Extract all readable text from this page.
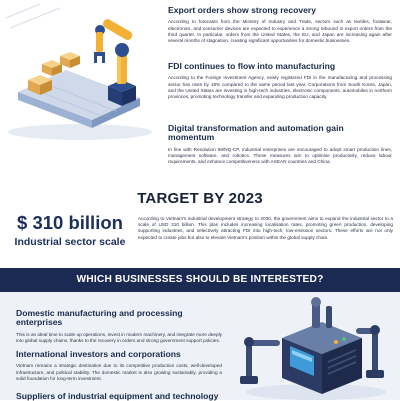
Export orders show strong recovery

According to forecasts from the Ministry of Industry and Trade, sectors such as textiles, footwear, electronics, and consumer devices are expected to experience a strong rebound in export orders from the third quarter. In particular, orders from the United States, the EU, and Japan are increasing again after several months of stagnation, creating significant opportunities for domestic businesses.

FDI continues to flow into manufacturing

According to the Foreign Investment Agency, newly registered FDI in the manufacturing and processing sector has risen by 18% compared to the same period last year. Corporations from South Korea, Japan, and the United States are investing in high-tech industries, electronic components, automobiles in northern provinces, promoting technology transfer and expanding production capacity.

Digital transformation and automation gain momentum

In line with Resolution 58/NQ-CP, industrial enterprises are encouraged to adopt smart production lines, management software, and robotics. These measures aim to optimise productivity, reduce labour requirements, and enhance competitiveness with ASEAN countries and China.

TARGET BY 2023
$ 310 billion
Industrial sector scale

According to Vietnam's industrial development strategy to 2030, the government aims to expand the industrial sector to a scale of USD 310 billion. This plan includes increasing localisation rates, promoting green production, developing supporting industries, and selectively attracting FDI into high-tech, low-emission sectors. These efforts are not only expected to create jobs but also to elevate Vietnam's position within the global supply chain.

WHICH BUSINESSES SHOULD BE INTERESTED?
Domestic manufacturing and processing enterprises

This is an ideal time to scale up operations, invest in modern machinery, and integrate more deeply into global supply chains, thanks to the recovery in orders and strong government support policies.

International investors and corporations

Vietnam remains a strategic destination due to its competitive production costs, well-developed infrastructure, and political stability. The domestic market is also growing sustainably, providing a solid foundation for long-term investment.

Suppliers of industrial equipment and technology
